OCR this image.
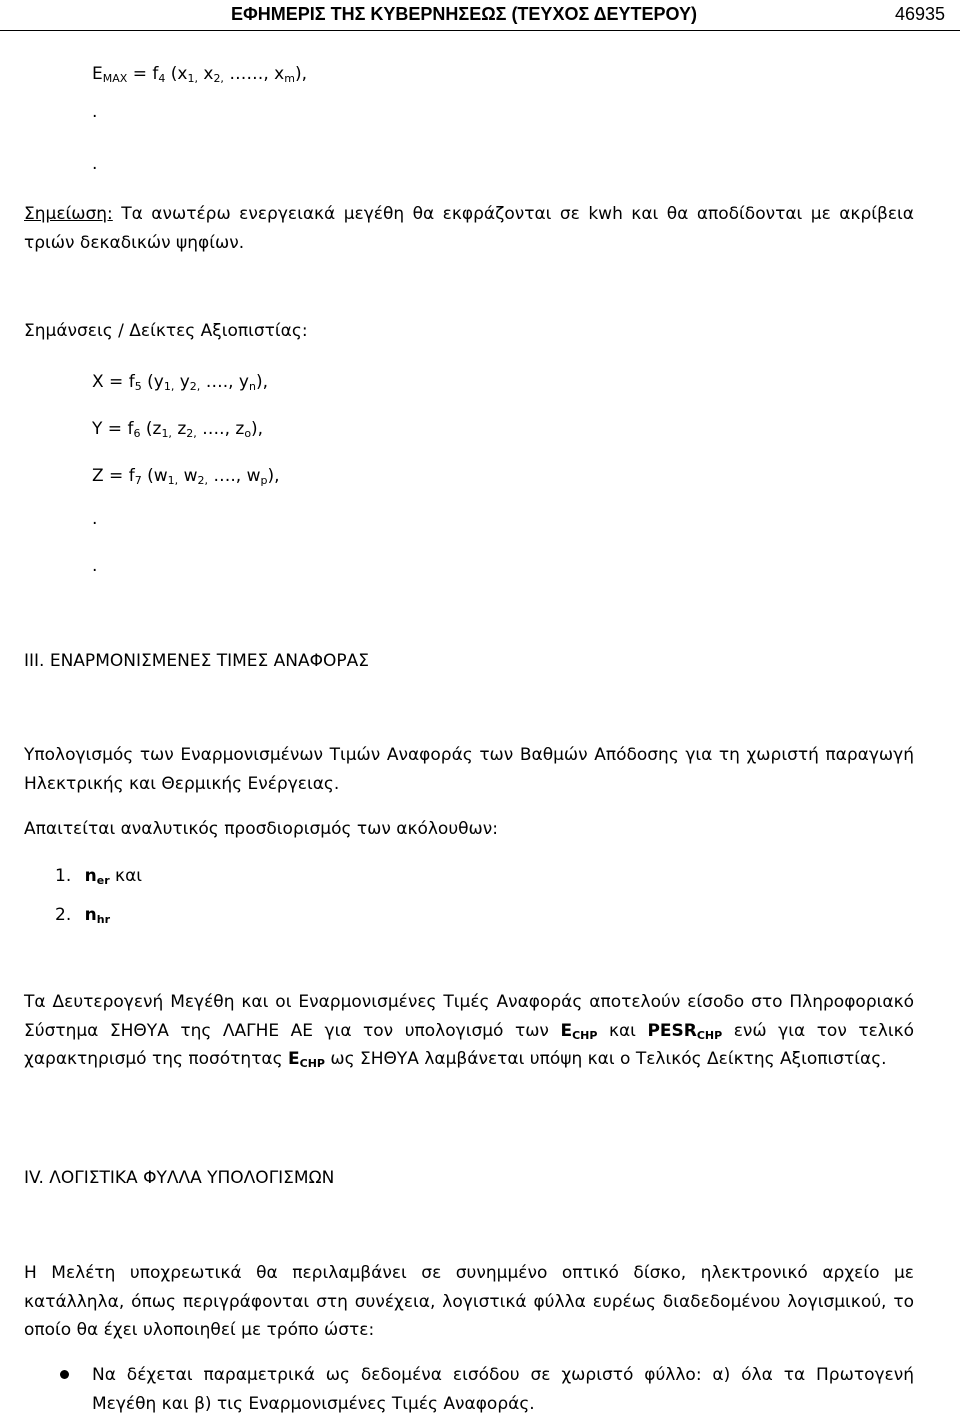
ΕΦΗΜΕΡΙΣ ΤΗΣ ΚΥΒΕΡΝΗΣΕΩΣ (ΤΕΥΧΟΣ ΔΕΥΤΕΡΟΥ)	46935
$E_{MAX} = f_4$ ($x_{1,}$ $x_{2,}$ ……, $x_m$),
.
.
Σημείωση: Τα ανωτέρω ενεργειακά μεγέθη θα εκφράζονται σε kwh και θα αποδίδονται με ακρίβεια τριών δεκαδικών ψηφίων.
Σημάνσεις / Δείκτες Αξιοπιστίας:
$X = f_5$ ($y_{1,}$ $y_{2,}$ …., $y_n$),
$Y = f_6$ ($z_{1,}$ $z_{2,}$ …., $z_o$),
$Z = f_7$ ($w_{1,}$ $w_{2,}$ …., $w_p$),
.
.
III. ΕΝΑΡΜΟΝΙΣΜΕΝΕΣ ΤΙΜΕΣ ΑΝΑΦΟΡΑΣ
Υπολογισμός των Εναρμονισμένων Τιμών Αναφοράς των Βαθμών Απόδοσης για τη χωριστή παραγωγή Ηλεκτρικής και Θερμικής Ενέργειας.
Απαιτείται αναλυτικός προσδιορισμός των ακόλουθων:
1. $n_{er}$ και
2. $n_{hr}$
Τα Δευτερογενή Μεγέθη και οι Εναρμονισμένες Τιμές Αναφοράς αποτελούν είσοδο στο Πληροφοριακό Σύστημα ΣΗΘΥΑ της ΛΑΓΗΕ ΑΕ για τον υπολογισμό των $E_{CHP}$ και $PESR_{CHP}$ ενώ για τον τελικό χαρακτηρισμό της ποσότητας $E_{CHP}$ ως ΣΗΘΥΑ λαμβάνεται υπόψη και ο Τελικός Δείκτης Αξιοπιστίας.
IV. ΛΟΓΙΣΤΙΚΑ ΦΥΛΛΑ ΥΠΟΛΟΓΙΣΜΩΝ
Η Μελέτη υποχρεωτικά θα περιλαμβάνει σε συνημμένο οπτικό δίσκο, ηλεκτρονικό αρχείο με κατάλληλα, όπως περιγράφονται στη συνέχεια, λογιστικά φύλλα ευρέως διαδεδομένου λογισμικού, το οποίο θα έχει υλοποιηθεί με τρόπο ώστε:
Να δέχεται παραμετρικά ως δεδομένα εισόδου σε χωριστό φύλλο: α) όλα τα Πρωτογενή Μεγέθη και β) τις Εναρμονισμένες Τιμές Αναφοράς.
